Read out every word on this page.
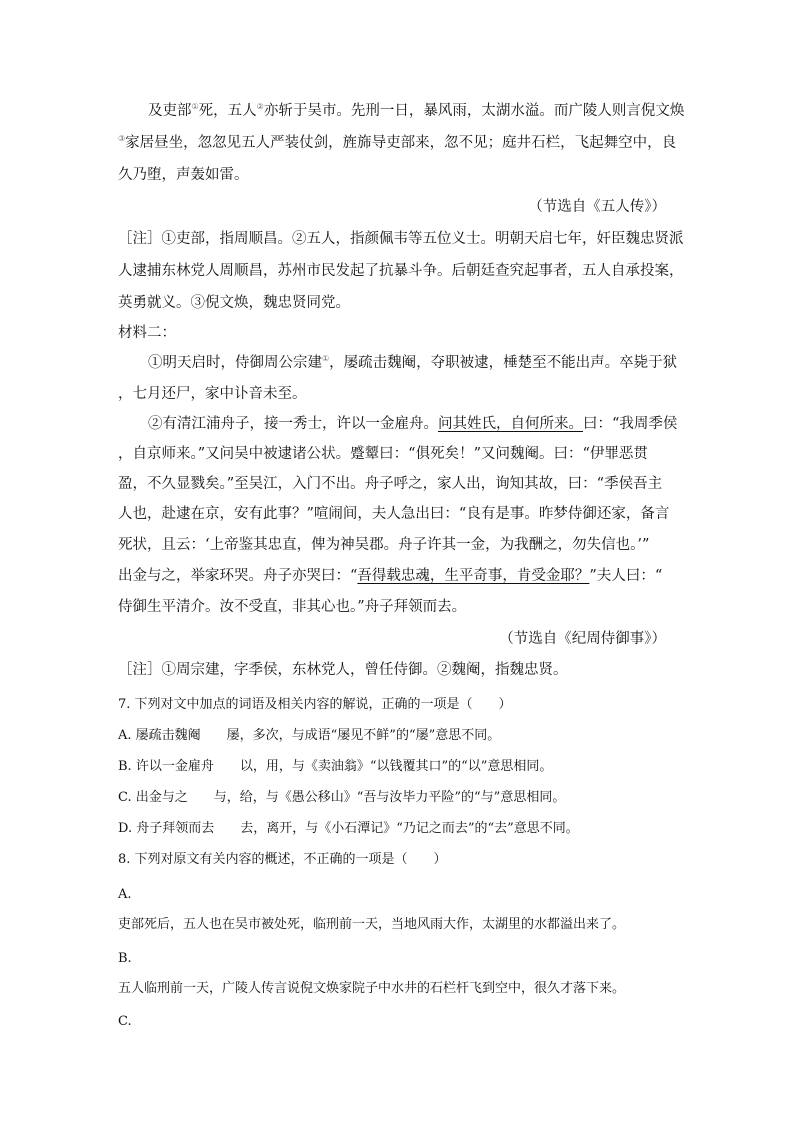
及吏部①死，五人②亦斩于吴市。先刑一日，暴风雨，太湖水溢。而广陵人则言倪文焕
③家居昼坐，忽忽见五人严装仗剑，旌旆导吏部来，忽不见；庭井石栏，飞起舞空中，良
久乃堕，声轰如雷。
（节选自《五人传》）
［注］①吏部，指周顺昌。②五人，指颜佩韦等五位义士。明朝天启七年，奸臣魏忠贤派
人逮捕东林党人周顺昌，苏州市民发起了抗暴斗争。后朝廷查究起事者，五人自承投案，
英勇就义。③倪文焕，魏忠贤同党。
材料二：
①明天启时，侍御周公宗建①，屡疏击魏阉，夺职被逮，棰楚至不能出声。卒毙于狱
，七月还尸，家中讣音未至。
②有清江浦舟子，接一秀士，许以一金雇舟。问其姓氏，自何所来。曰：“我周季侯
，自京师来。”又问吴中被逮诸公状。蹙颦曰：“俱死矣！”又问魏阉。曰：“伊罪恶贯
盈，不久显戮矣。”至吴江，入门不出。舟子呼之，家人出，询知其故，曰：“季侯吾主
人也，赴逮在京，安有此事？”喧闹间，夫人急出曰：“良有是事。昨梦侍御还家，备言
死状，且云：‘上帝鉴其忠直，俾为神吴郡。舟子许其一金，为我酬之，勿失信也。’”
出金与之，举家环哭。舟子亦哭曰：“吾得载忠魂，生平奇事，肯受金耶？”夫人曰：“
侍御生平清介。汝不受直，非其心也。”舟子拜领而去。
（节选自《纪周侍御事》）
［注］①周宗建，字季侯，东林党人，曾任侍御。②魏阉，指魏忠贤。
7. 下列对文中加点的词语及相关内容的解说，正确的一项是（　　）
A. 屡疏击魏阉　　屡，多次，与成语“屡见不鲜”的“屡”意思不同。
B. 许以一金雇舟　　以，用，与《卖油翁》“以钱覆其口”的“以”意思相同。
C. 出金与之　　与，给，与《愚公移山》“吾与汝毕力平险”的“与”意思相同。
D. 舟子拜领而去　　去，离开，与《小石潭记》“乃记之而去”的“去”意思不同。
8. 下列对原文有关内容的概述，不正确的一项是（　　）
A.
吏部死后，五人也在吴市被处死，临刑前一天，当地风雨大作，太湖里的水都溢出来了。
B.
五人临刑前一天，广陵人传言说倪文焕家院子中水井的石栏杆飞到空中，很久才落下来。
C.
